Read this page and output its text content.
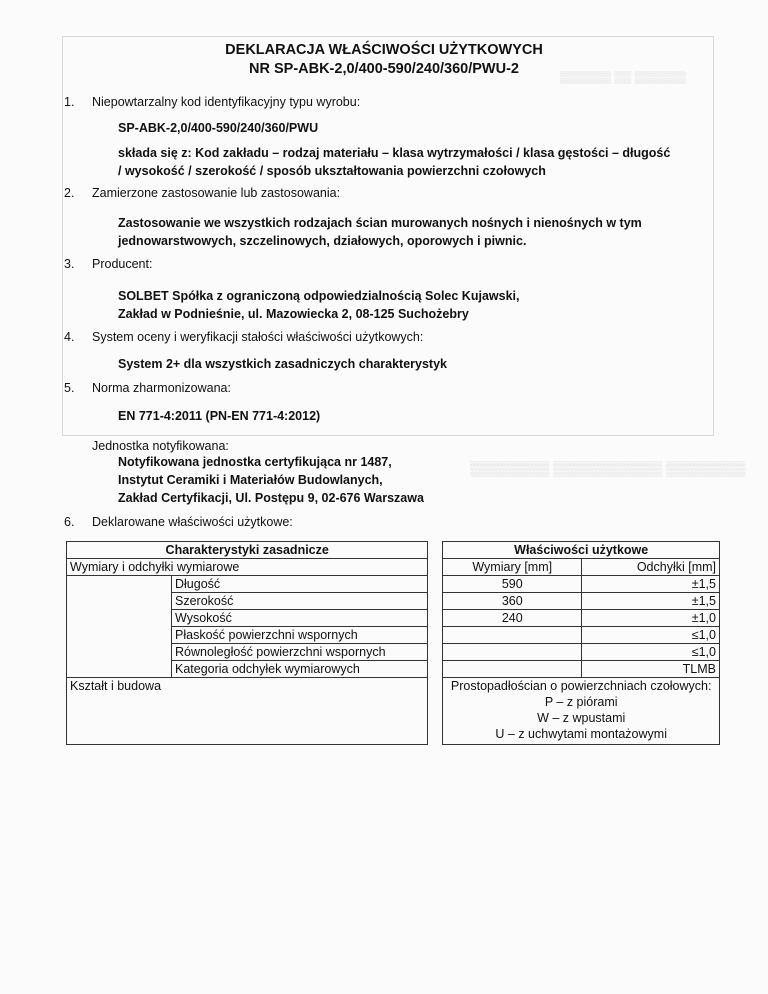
▒▒▒▒▒▒ ▒▒ ▒▒▒▒▒▒
▒▒▒▒▒▒▒▒ ▒▒▒▒▒▒▒▒▒▒▒ ▒▒▒▒▒▒▒▒
DEKLARACJA WŁAŚCIWOŚCI UŻYTKOWYCH
NR SP-ABK-2,0/400-590/240/360/PWU-2
1. Niepowtarzalny kod identyfikacyjny typu wyrobu:
SP-ABK-2,0/400-590/240/360/PWU
składa się z: Kod zakładu – rodzaj materiału – klasa wytrzymałości / klasa gęstości – długość
/ wysokość / szerokość / sposób ukształtowania powierzchni czołowych
2. Zamierzone zastosowanie lub zastosowania:
Zastosowanie we wszystkich rodzajach ścian murowanych nośnych i nienośnych w tym
jednowarstwowych, szczelinowych, działowych, oporowych i piwnic.
3. Producent:
SOLBET Spółka z ograniczoną odpowiedzialnością Solec Kujawski,
Zakład w Podnieśnie, ul. Mazowiecka 2, 08-125 Suchożebry
4. System oceny i weryfikacji stałości właściwości użytkowych:
System 2+ dla wszystkich zasadniczych charakterystyk
5. Norma zharmonizowana:
EN 771-4:2011 (PN-EN 771-4:2012)
Jednostka notyfikowana:
Notyfikowana jednostka certyfikująca nr 1487,
Instytut Ceramiki i Materiałów Budowlanych,
Zakład Certyfikacji, Ul. Postępu 9, 02-676 Warszawa
6. Deklarowane właściwości użytkowe:
Charakterystyki zasadnicze			Właściwości użytkowe	
Wymiary i odchyłki wymiarowe			Wymiary [mm]	Odchyłki [mm]
	Długość		590	±1,5
	Szerokość		360	±1,5
	Wysokość		240	±1,0
	Płaskość powierzchni wspornych			≤1,0
	Równoległość powierzchni wspornych			≤1,0
	Kategoria odchyłek wymiarowych			TLMB
Kształt i budowa			Prostopadłościan o powierzchniach czołowych:
P – z piórami
W – z wpustami
U – z uchwytami montażowymi	
